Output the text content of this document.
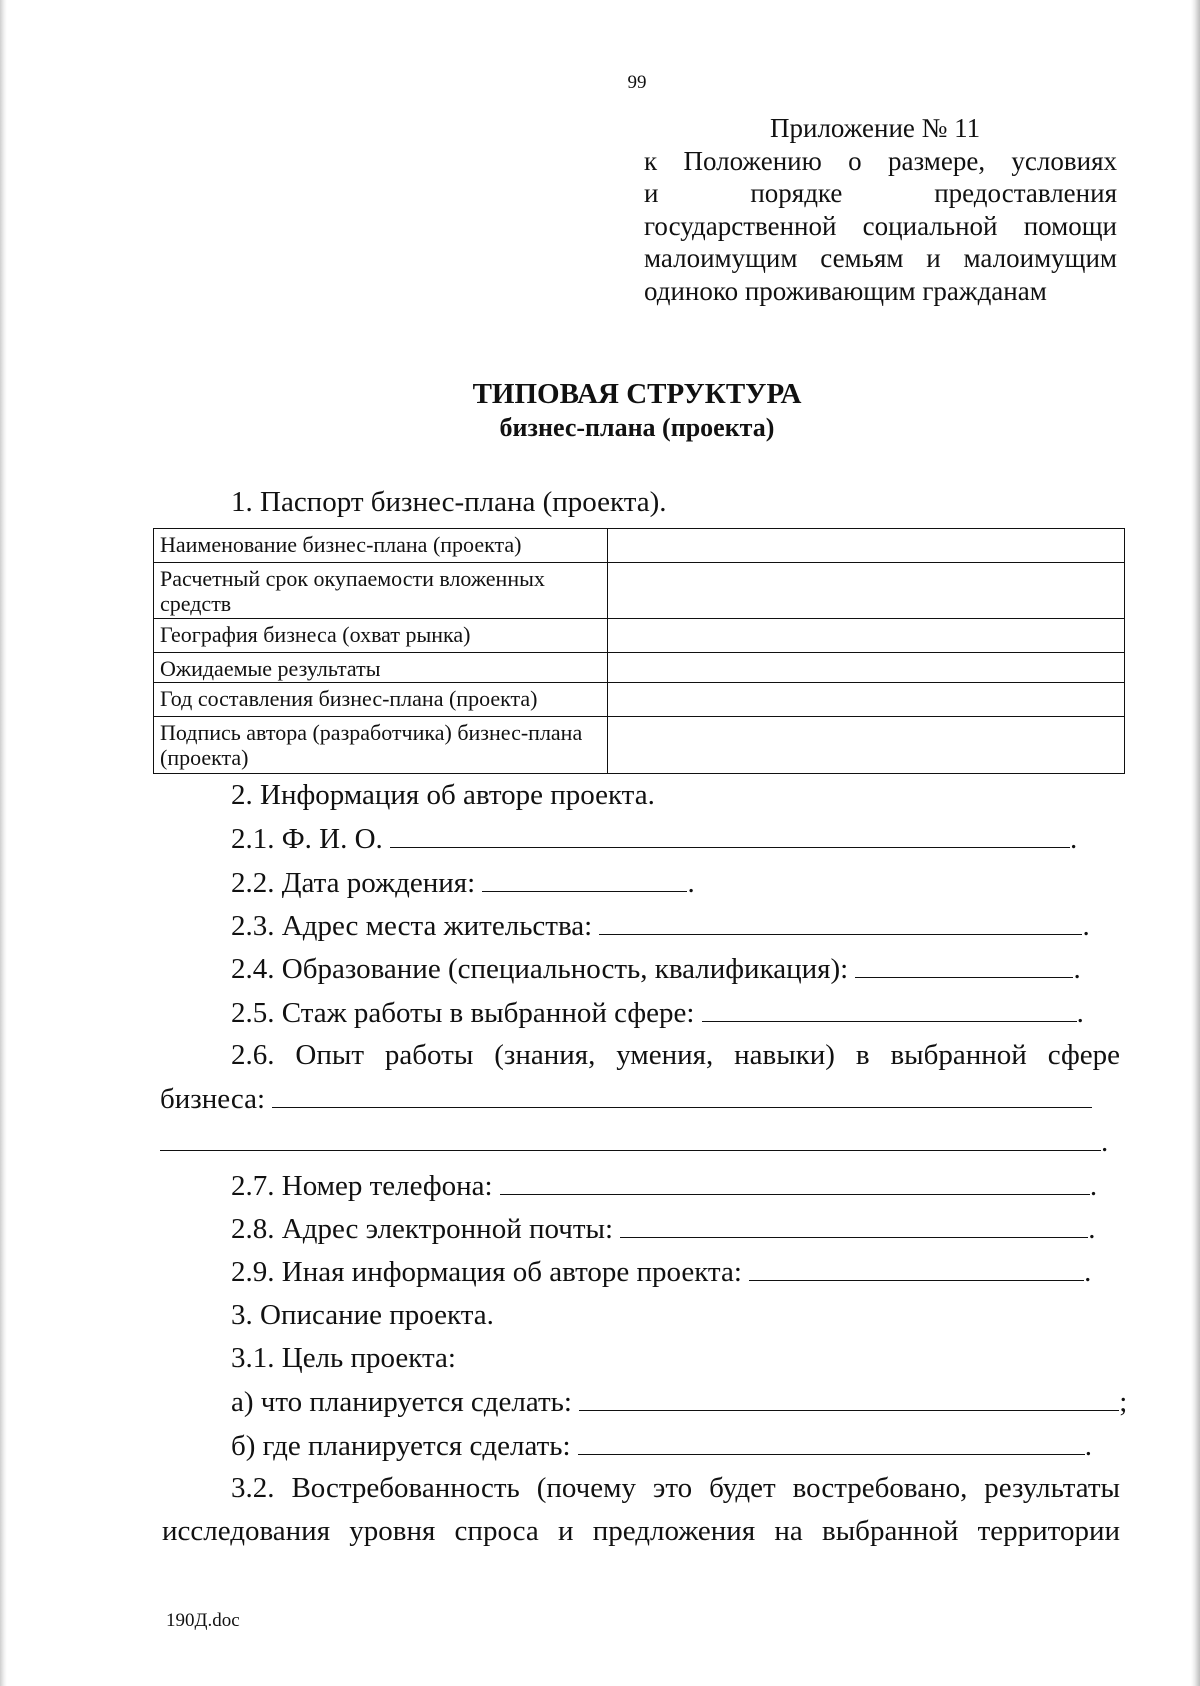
99
Приложение № 11
к Положению о размере, условиях
и порядке предоставления
государственной социальной помощи
малоимущим семьям и малоимущим
одиноко проживающим гражданам
ТИПОВАЯ СТРУКТУРА
бизнес-плана (проекта)
1. Паспорт бизнес-плана (проекта).
Наименование бизнес-плана (проекта)	
Расчетный срок окупаемости вложенных средств	
География бизнеса (охват рынка)	
Ожидаемые результаты	
Год составления бизнес-плана (проекта)	
Подпись автора (разработчика) бизнес-плана (проекта)	
2. Информация об авторе проекта.
2.1. Ф. И. О.	.
2.2. Дата рождения:	.
2.3. Адрес места жительства:	.
2.4. Образование (специальность, квалификация):	.
2.5. Стаж работы в выбранной сфере:	.
2.6. Опыт работы (знания, умения, навыки) в выбранной сфере
бизнеса:
.
2.7. Номер телефона:	.
2.8. Адрес электронной почты:	.
2.9. Иная информация об авторе проекта:	.
3. Описание проекта.
3.1. Цель проекта:
а) что планируется сделать:	;
б) где планируется сделать:	.
3.2. Востребованность (почему это будет востребовано, результаты
исследования уровня спроса и предложения на выбранной территории
190Д.doc
